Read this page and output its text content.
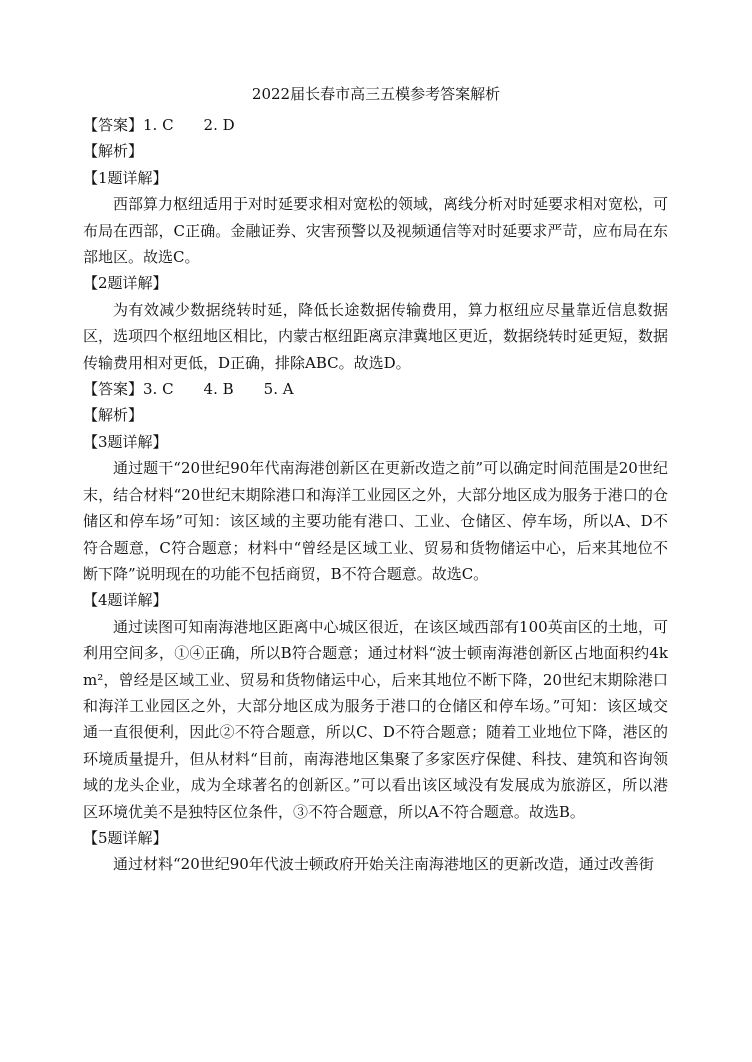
2022届长春市高三五模参考答案解析

【答案】1. C　　2. D

【解析】

【1题详解】

西部算力枢纽适用于对时延要求相对宽松的领域，离线分析对时延要求相对宽松，可布局在西部，C正确。金融证券、灾害预警以及视频通信等对时延要求严苛，应布局在东部地区。故选C。

【2题详解】

为有效减少数据绕转时延，降低长途数据传输费用，算力枢纽应尽量靠近信息数据区，选项四个枢纽地区相比，内蒙古枢纽距离京津冀地区更近，数据绕转时延更短，数据传输费用相对更低，D正确，排除ABC。故选D。

【答案】3. C　　4. B　　5. A

【解析】

【3题详解】

通过题干“20世纪90年代南海港创新区在更新改造之前”可以确定时间范围是20世纪末，结合材料“20世纪末期除港口和海洋工业园区之外，大部分地区成为服务于港口的仓储区和停车场”可知：该区域的主要功能有港口、工业、仓储区、停车场，所以A、D不符合题意，C符合题意；材料中“曾经是区域工业、贸易和货物储运中心，后来其地位不断下降”说明现在的功能不包括商贸，B不符合题意。故选C。

【4题详解】

通过读图可知南海港地区距离中心城区很近，在该区域西部有100英亩区的土地，可利用空间多，①④正确，所以B符合题意；通过材料“波士顿南海港创新区占地面积约4km²，曾经是区域工业、贸易和货物储运中心，后来其地位不断下降，20世纪末期除港口和海洋工业园区之外，大部分地区成为服务于港口的仓储区和停车场。”可知：该区域交通一直很便利，因此②不符合题意，所以C、D不符合题意；随着工业地位下降，港区的环境质量提升，但从材料“目前，南海港地区集聚了多家医疗保健、科技、建筑和咨询领域的龙头企业，成为全球著名的创新区。”可以看出该区域没有发展成为旅游区，所以港区环境优美不是独特区位条件，③不符合题意，所以A不符合题意。故选B。

【5题详解】

通过材料“20世纪90年代波士顿政府开始关注南海港地区的更新改造，通过改善街
